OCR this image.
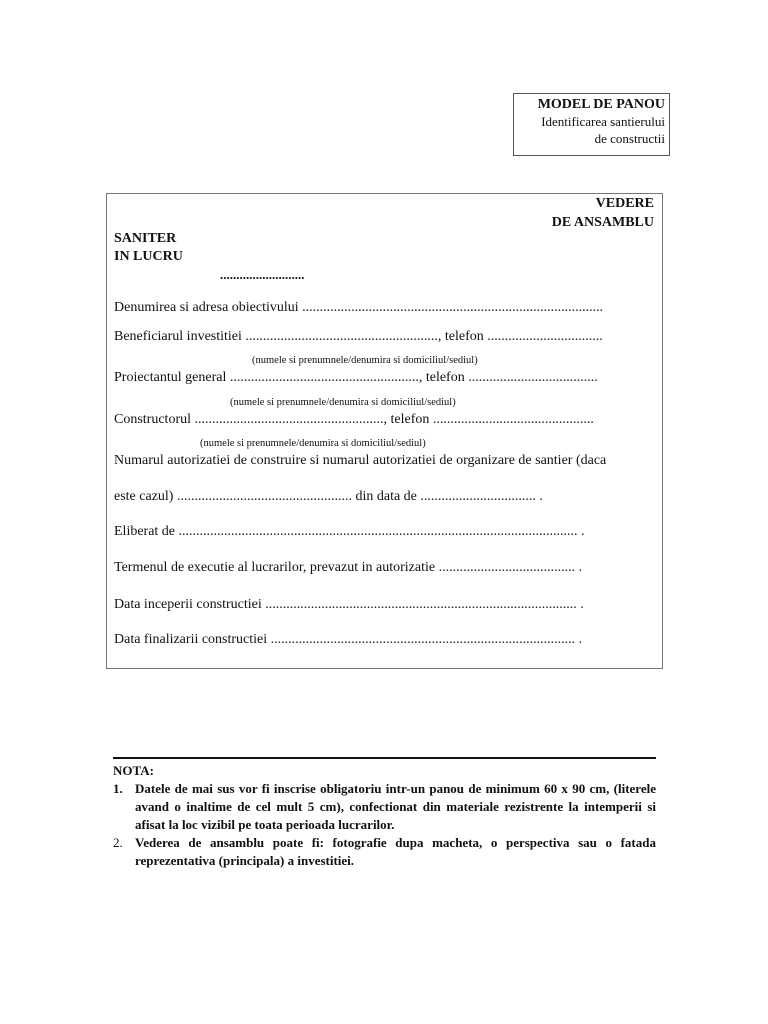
MODEL DE PANOU
Identificarea santierului
de constructii
VEDERE
DE ANSAMBLU
SANITER
IN LUCRU
..........................
Denumirea si adresa obiectivului ......................................................................................
Beneficiarul investitiei ......................................................., telefon .................................
(numele si prenumnele/denumira si domiciliul/sediul)
Proiectantul general ......................................................, telefon .....................................
(numele si prenumnele/denumira si domiciliul/sediul)
Constructorul ......................................................, telefon ..............................................
(numele si prenumnele/denumira si domiciliul/sediul)
Numarul autorizatiei de construire si numarul autorizatiei de organizare de santier (daca
este cazul) .................................................. din data de ................................. .
Eliberat de .................................................................................................................. .
Termenul de executie al lucrarilor, prevazut in autorizatie ....................................... .
Data inceperii constructiei ......................................................................................... .
Data finalizarii constructiei ....................................................................................... .
NOTA:
1. Datele de mai sus vor fi inscrise obligatoriu intr-un panou de minimum 60 x 90 cm, (literele avand o inaltime de cel mult 5 cm), confectionat din materiale rezistrente la intemperii si afisat la loc vizibil pe toata perioada lucrarilor.
2. Vederea de ansamblu poate fi: fotografie dupa macheta, o perspectiva sau o fatada reprezentativa (principala) a investitiei.
